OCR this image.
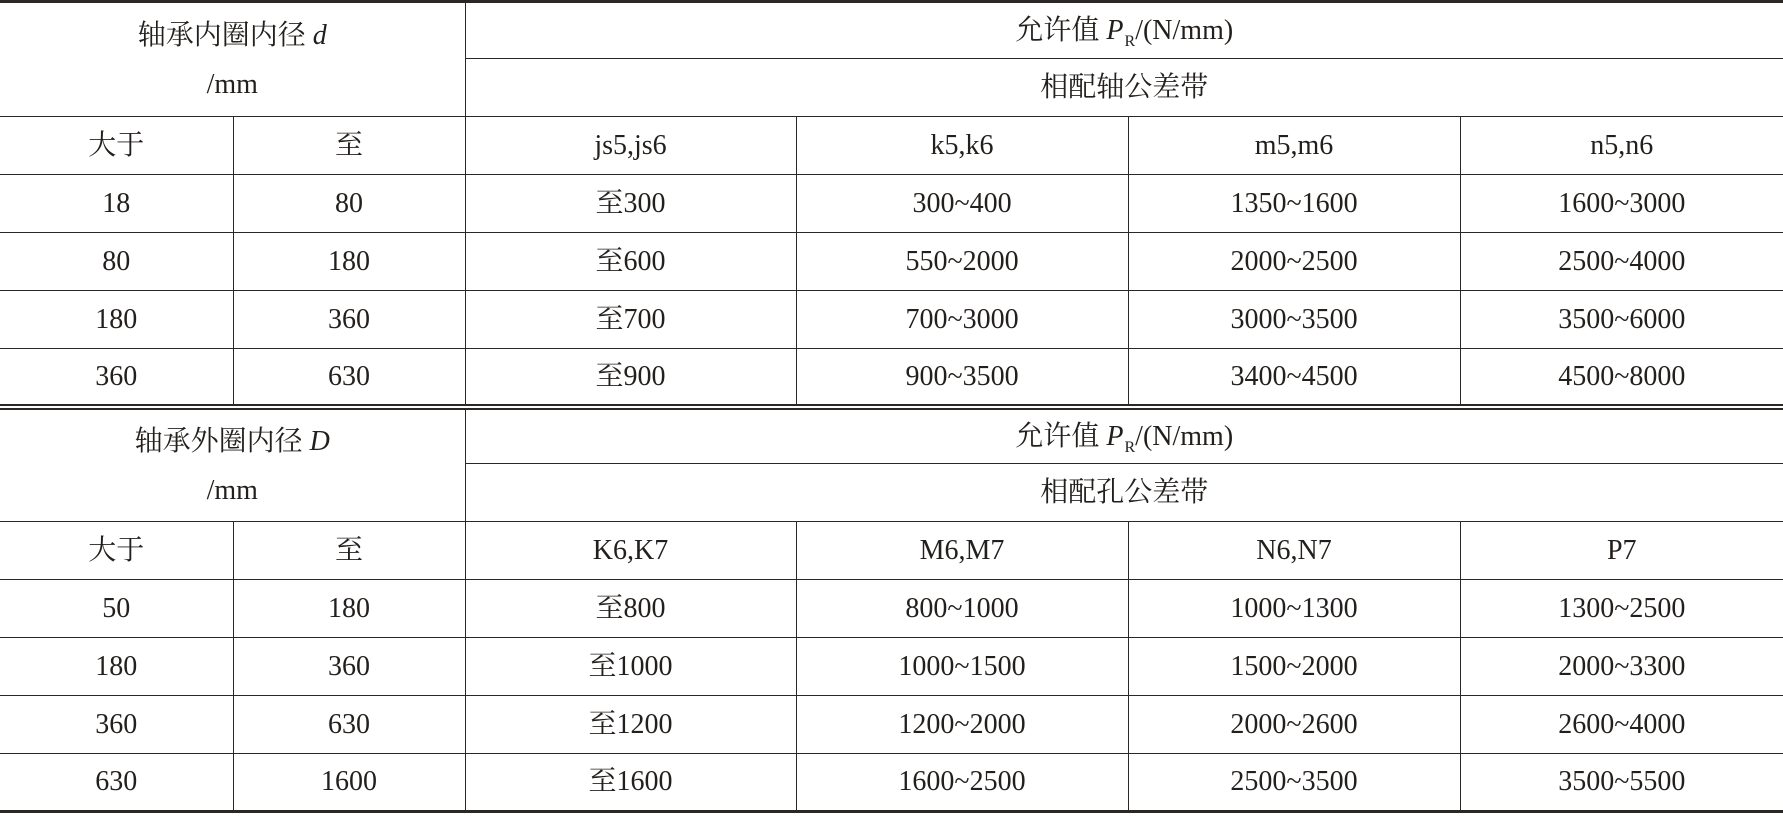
轴承内圈内径 d
/mm		允许值 $P_R/(N/mm)$			
		相配轴公差带			
大于	至	js5,js6	k5,k6	m5,m6	n5,n6
18	80	至300	300~400	1350~1600	1600~3000
80	180	至600	550~2000	2000~2500	2500~4000
180	360	至700	700~3000	3000~3500	3500~6000
360	630	至900	900~3500	3400~4500	4500~8000
轴承外圈内径 D
/mm		允许值 $P_R/(N/mm)$			
		相配孔公差带			
大于	至	K6,K7	M6,M7	N6,N7	P7
50	180	至800	800~1000	1000~1300	1300~2500
180	360	至1000	1000~1500	1500~2000	2000~3300
360	630	至1200	1200~2000	2000~2600	2600~4000
630	1600	至1600	1600~2500	2500~3500	3500~5500
